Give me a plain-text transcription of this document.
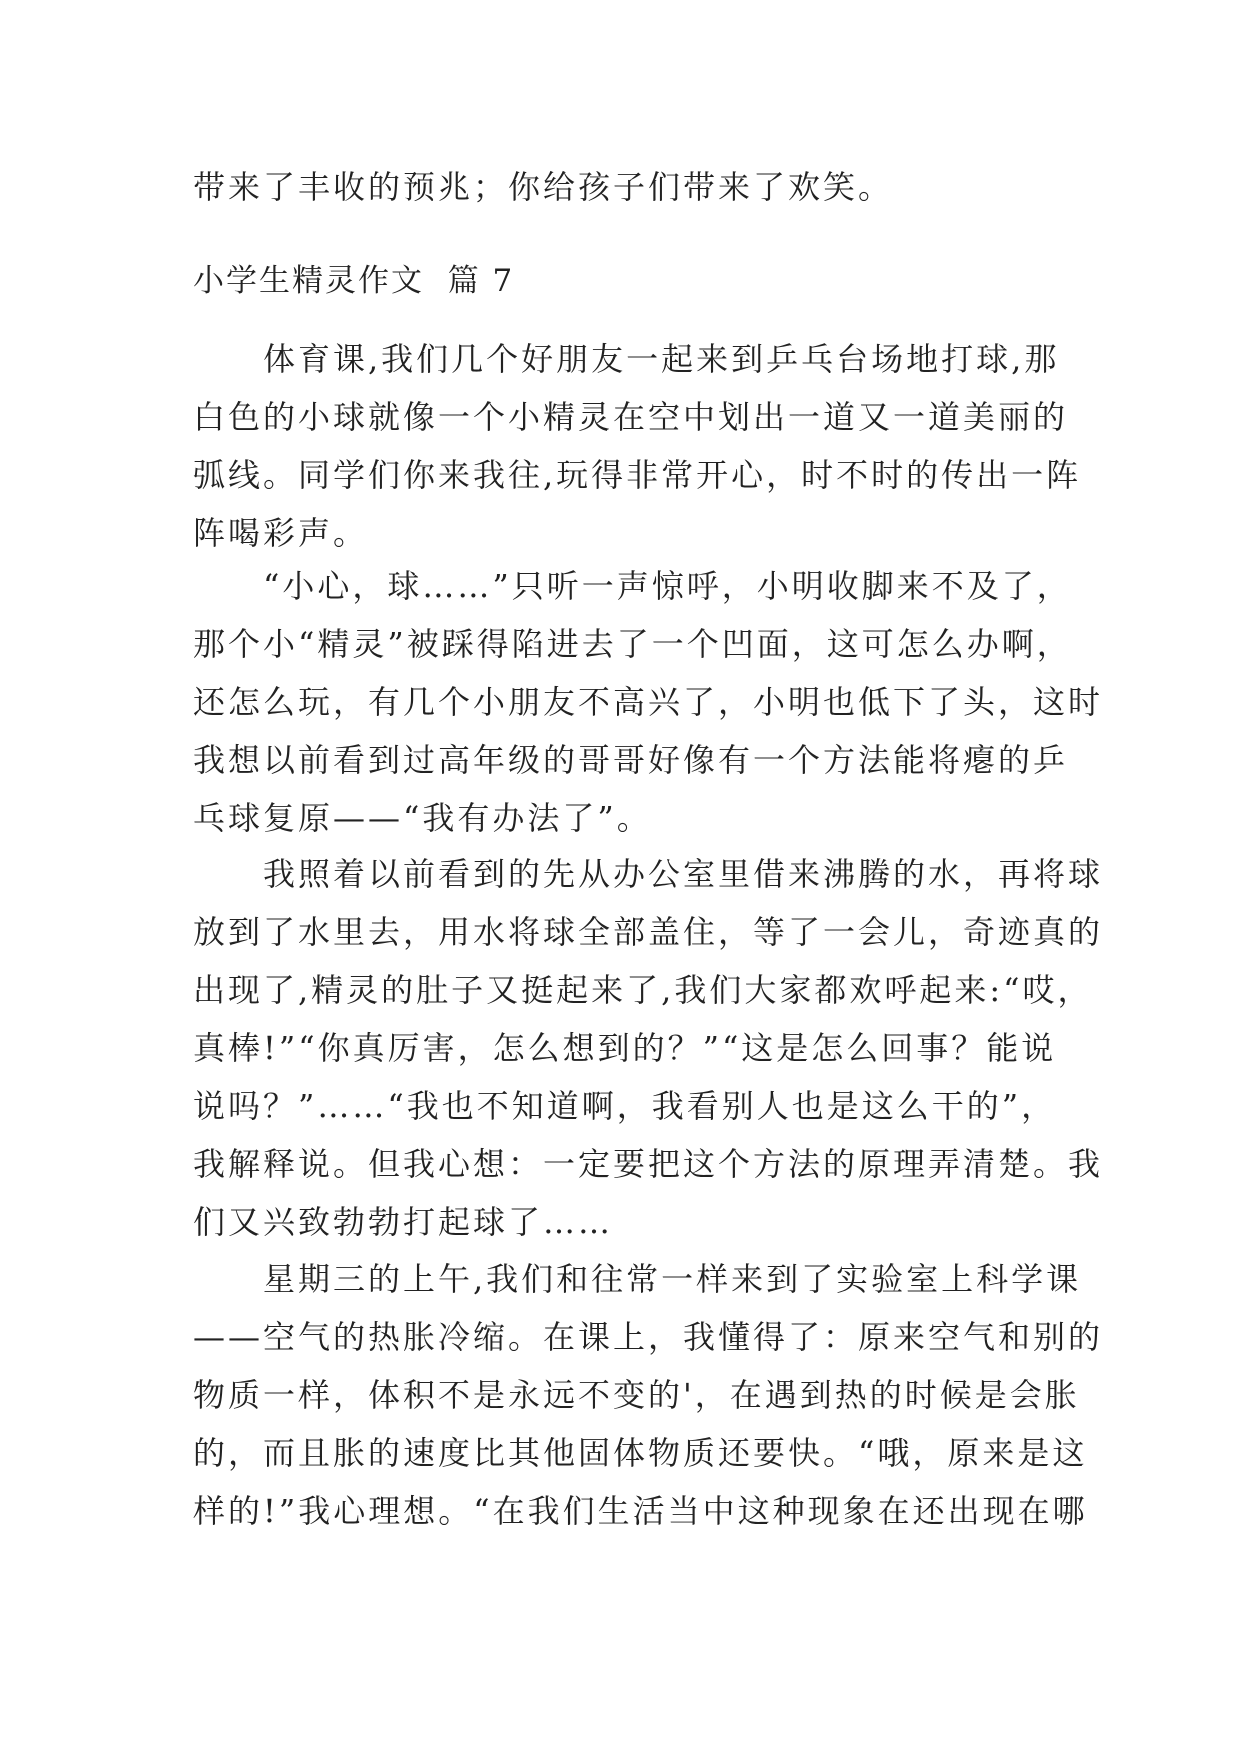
带来了丰收的预兆；你给孩子们带来了欢笑。
小学生精灵作文  篇 7
体育课,我们几个好朋友一起来到乒乓台场地打球,那
白色的小球就像一个小精灵在空中划出一道又一道美丽的
弧线。同学们你来我往,玩得非常开心，时不时的传出一阵
阵喝彩声。
“小心，球……”只听一声惊呼，小明收脚来不及了，
那个小“精灵”被踩得陷进去了一个凹面，这可怎么办啊，
还怎么玩，有几个小朋友不高兴了，小明也低下了头，这时
我想以前看到过高年级的哥哥好像有一个方法能将瘪的乒
乓球复原——“我有办法了”。
我照着以前看到的先从办公室里借来沸腾的水，再将球
放到了水里去，用水将球全部盖住，等了一会儿，奇迹真的
出现了,精灵的肚子又挺起来了,我们大家都欢呼起来:“哎，
真棒!”“你真厉害，怎么想到的？”“这是怎么回事？能说
说吗？”……“我也不知道啊，我看别人也是这么干的”，
我解释说。但我心想：一定要把这个方法的原理弄清楚。我
们又兴致勃勃打起球了……
星期三的上午,我们和往常一样来到了实验室上科学课
——空气的热胀冷缩。在课上，我懂得了：原来空气和别的
物质一样，体积不是永远不变的'，在遇到热的时候是会胀
的，而且胀的速度比其他固体物质还要快。“哦，原来是这
样的!”我心理想。“在我们生活当中这种现象在还出现在哪
